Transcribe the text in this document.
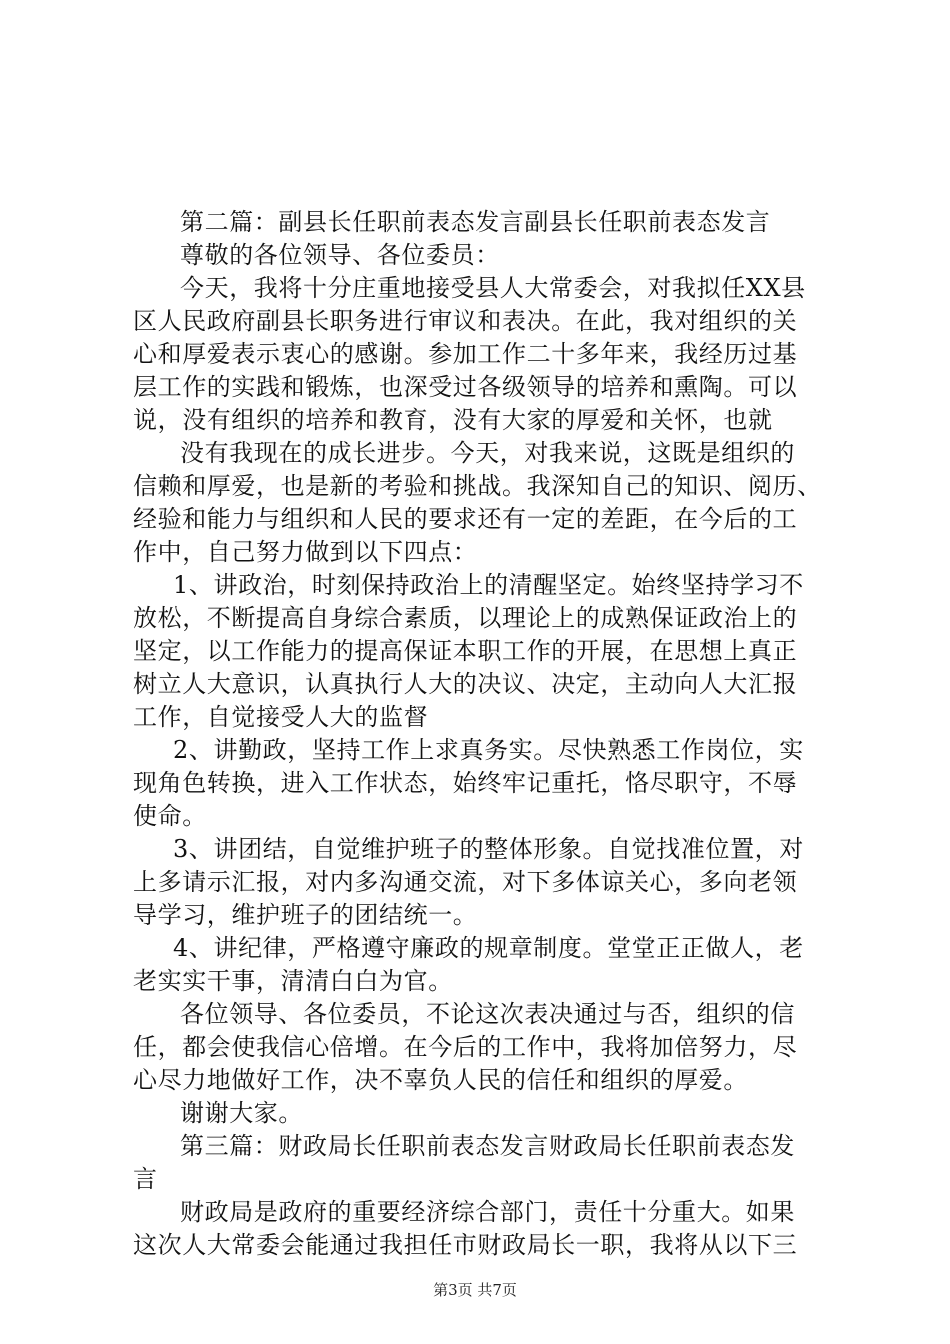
第二篇：副县长任职前表态发言副县长任职前表态发言
尊敬的各位领导、各位委员：
今天，我将十分庄重地接受县人大常委会，对我拟任XX县
区人民政府副县长职务进行审议和表决。在此，我对组织的关
心和厚爱表示衷心的感谢。参加工作二十多年来，我经历过基
层工作的实践和锻炼，也深受过各级领导的培养和熏陶。可以
说，没有组织的培养和教育，没有大家的厚爱和关怀，也就
没有我现在的成长进步。今天，对我来说，这既是组织的
信赖和厚爱，也是新的考验和挑战。我深知自己的知识、阅历、
经验和能力与组织和人民的要求还有一定的差距，在今后的工
作中，自己努力做到以下四点：
1、讲政治，时刻保持政治上的清醒坚定。始终坚持学习不
放松，不断提高自身综合素质，以理论上的成熟保证政治上的
坚定，以工作能力的提高保证本职工作的开展，在思想上真正
树立人大意识，认真执行人大的决议、决定，主动向人大汇报
工作，自觉接受人大的监督
2、讲勤政，坚持工作上求真务实。尽快熟悉工作岗位，实
现角色转换，进入工作状态，始终牢记重托，恪尽职守，不辱
使命。
3、讲团结，自觉维护班子的整体形象。自觉找准位置，对
上多请示汇报，对内多沟通交流，对下多体谅关心，多向老领
导学习，维护班子的团结统一。
4、讲纪律，严格遵守廉政的规章制度。堂堂正正做人，老
老实实干事，清清白白为官。
各位领导、各位委员，不论这次表决通过与否，组织的信
任，都会使我信心倍增。在今后的工作中，我将加倍努力，尽
心尽力地做好工作，决不辜负人民的信任和组织的厚爱。
谢谢大家。
第三篇：财政局长任职前表态发言财政局长任职前表态发
言
财政局是政府的重要经济综合部门，责任十分重大。如果
这次人大常委会能通过我担任市财政局长一职，我将从以下三
第3页 共7页
